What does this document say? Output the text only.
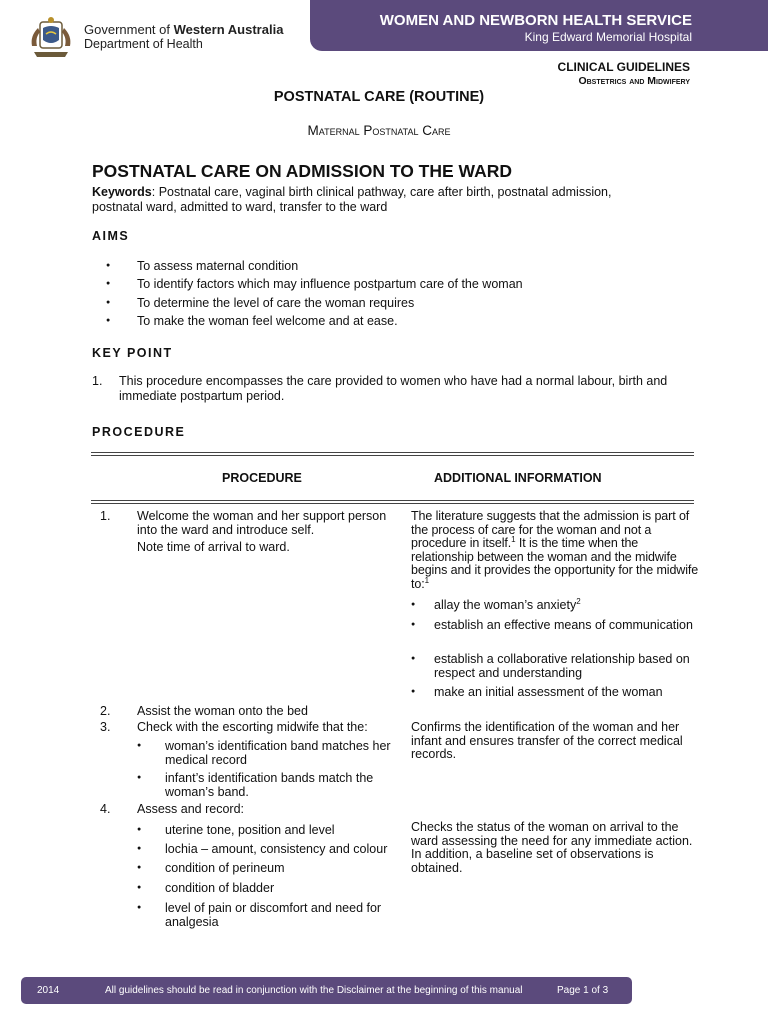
Government of Western Australia
Department of Health
WOMEN AND NEWBORN HEALTH SERVICE
King Edward Memorial Hospital
CLINICAL GUIDELINES
Obstetrics and Midwifery
POSTNATAL CARE (ROUTINE)
Maternal Postnatal Care
POSTNATAL CARE ON ADMISSION TO THE WARD
Keywords: Postnatal care, vaginal birth clinical pathway, care after birth, postnatal admission, postnatal ward, admitted to ward, transfer to the ward
AIMS
● To assess maternal condition
● To identify factors which may influence postpartum care of the woman
● To determine the level of care the woman requires
● To make the woman feel welcome and at ease.
KEY POINT
1. This procedure encompasses the care provided to women who have had a normal labour, birth and immediate postpartum period.
PROCEDURE
PROCEDURE	ADDITIONAL INFORMATION
1. Welcome the woman and her support person into the ward and introduce self.
Note time of arrival to ward.
The literature suggests that the admission is part of the process of care for the woman and not a procedure in itself.$^1$ It is the time when the relationship between the woman and the midwife begins and it provides the opportunity for the midwife to:$^1$
● allay the woman’s anxiety$^2$
● establish an effective means of communication
● establish a collaborative relationship based on respect and understanding
● make an initial assessment of the woman
2. Assist the woman onto the bed
3. Check with the escorting midwife that the:
● woman’s identification band matches her medical record
● infant’s identification bands match the woman’s band.
Confirms the identification of the woman and her infant and ensures transfer of the correct medical records.
4. Assess and record:
● uterine tone, position and level
● lochia – amount, consistency and colour
● condition of perineum
● condition of bladder
● level of pain or discomfort and need for analgesia
Checks the status of the woman on arrival to the ward assessing the need for any immediate action. In addition, a baseline set of observations is obtained.
2014	All guidelines should be read in conjunction with the Disclaimer at the beginning of this manual	Page 1 of 3
